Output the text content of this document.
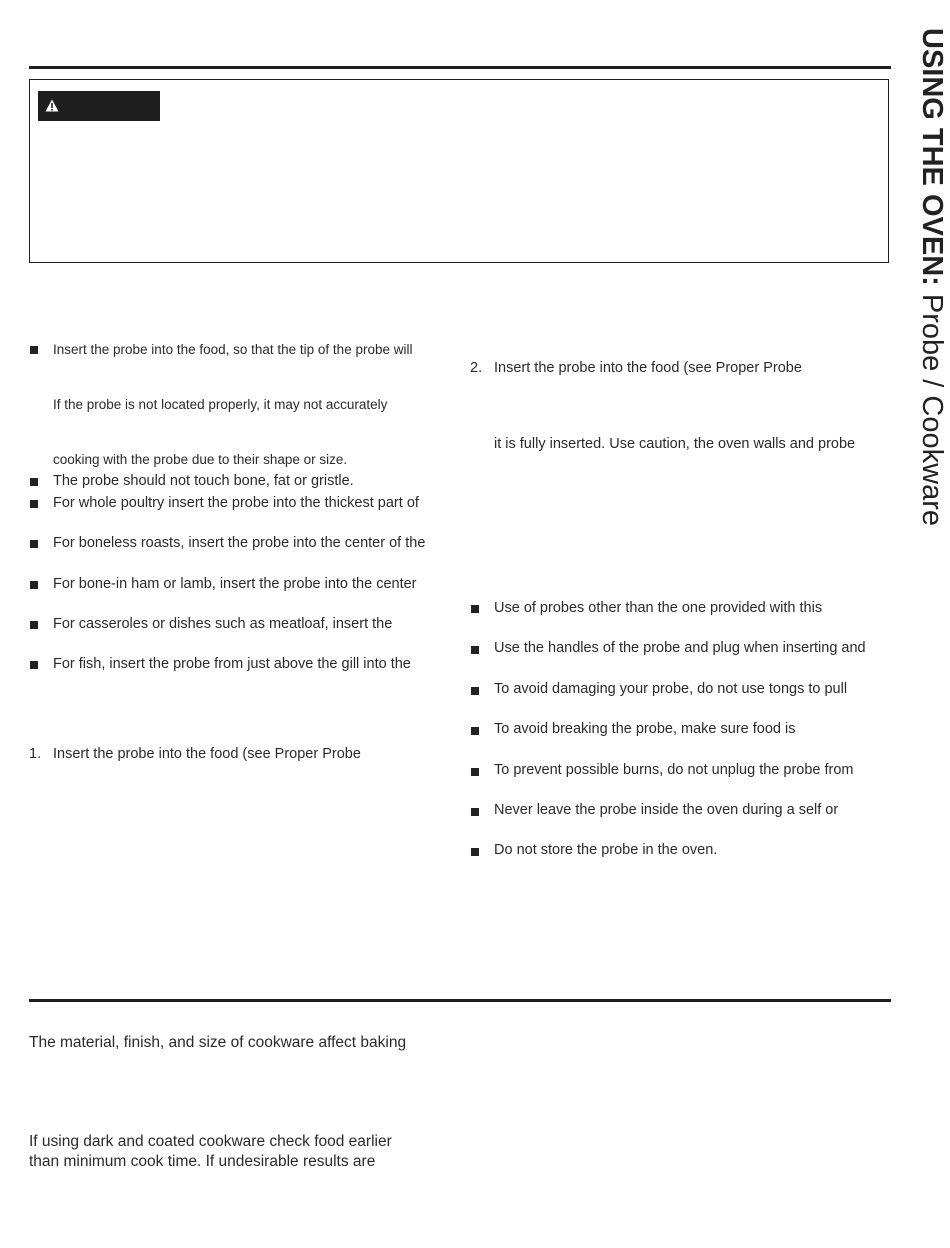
USING THE OVEN: Probe / Cookware
Insert the probe into the food, so that the tip of the probe will
If the probe is not located properly, it may not accurately
cooking with the probe due to their shape or size.
The probe should not touch bone, fat or gristle.
For whole poultry insert the probe into the thickest part of
For boneless roasts, insert the probe into the center of the
For bone-in ham or lamb, insert the probe into the center
For casseroles or dishes such as meatloaf, insert the
For fish, insert the probe from just above the gill into the
1. Insert the probe into the food (see Proper Probe
2. Insert the probe into the food (see Proper Probe
it is fully inserted. Use caution, the oven walls and probe
Use of probes other than the one provided with this
Use the handles of the probe and plug when inserting and
To avoid damaging your probe, do not use tongs to pull
To avoid breaking the probe, make sure food is
To prevent possible burns, do not unplug the probe from
Never leave the probe inside the oven during a self or
Do not store the probe in the oven.
The material, finish, and size of cookware affect baking
If using dark and coated cookware check food earlier
than minimum cook time. If undesirable results are
